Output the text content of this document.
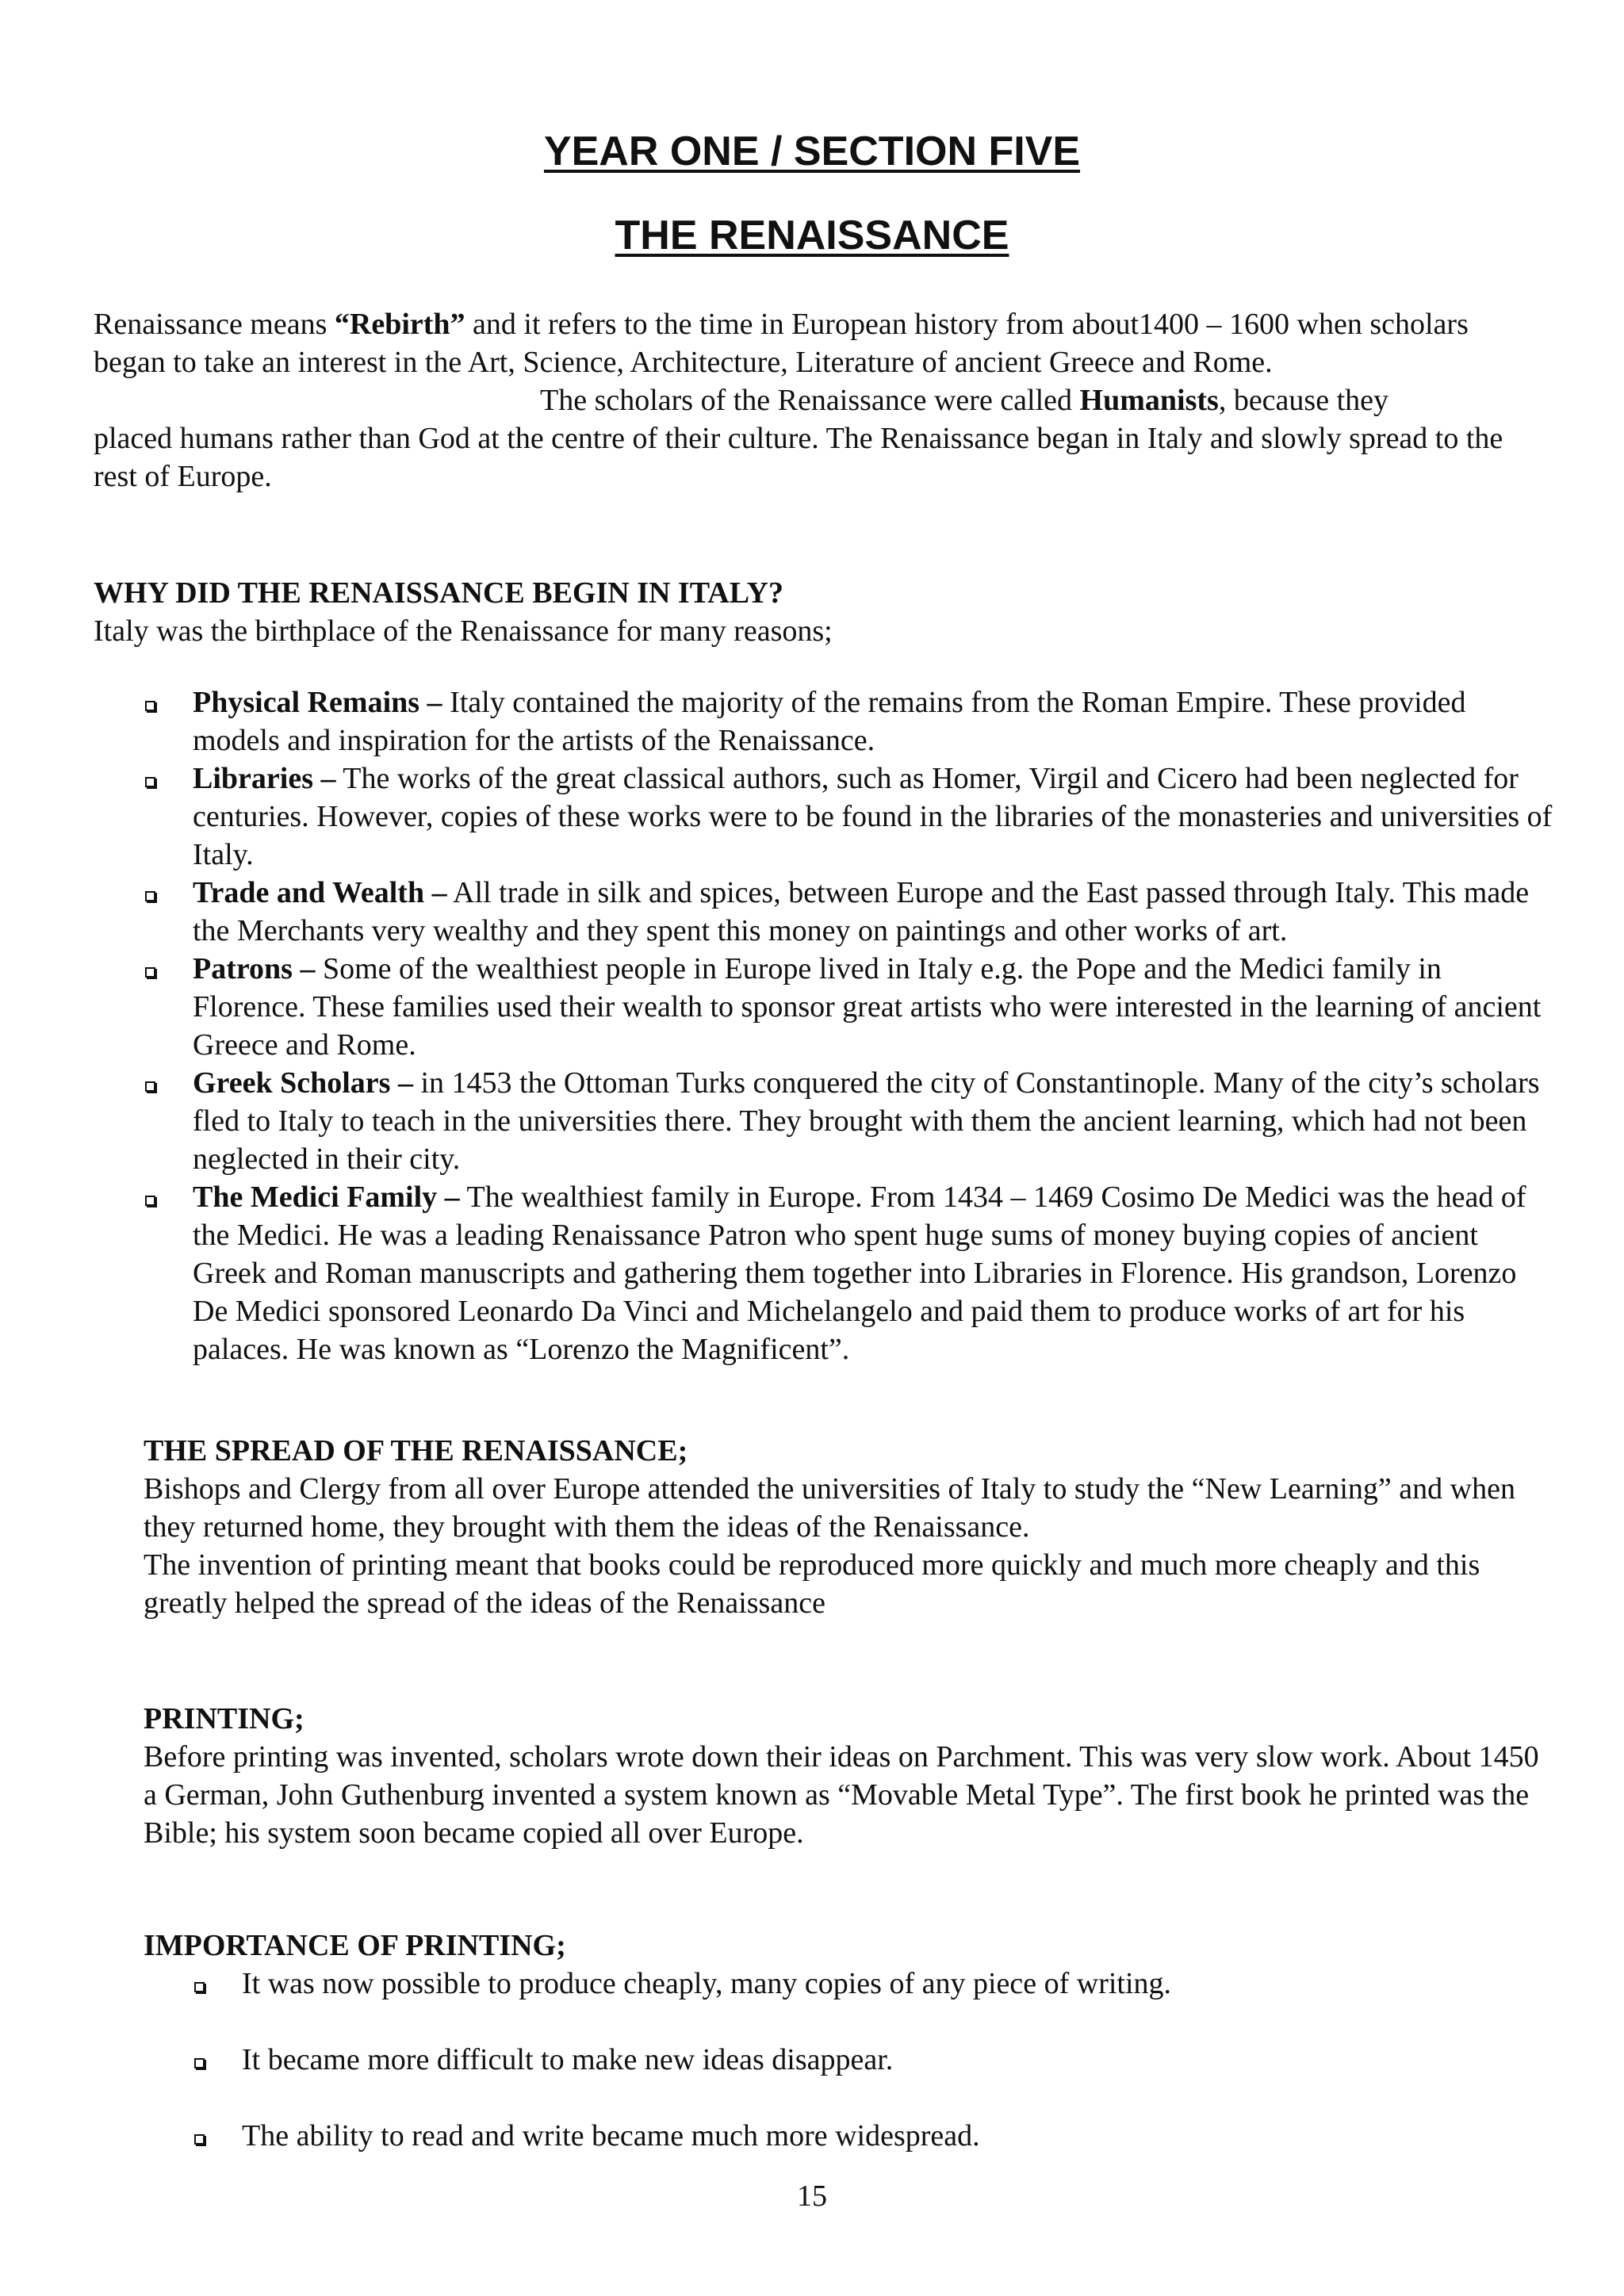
YEAR ONE / SECTION FIVE
THE RENAISSANCE

Renaissance means “Rebirth” and it refers to the time in European history from about1400 – 1600 when scholars began to take an interest in the Art, Science, Architecture, Literature of ancient Greece and Rome.
The scholars of the Renaissance were called Humanists, because they
placed humans rather than God at the centre of their culture. The Renaissance began in Italy and slowly spread to the rest of Europe.

WHY DID THE RENAISSANCE BEGIN IN ITALY?

Italy was the birthplace of the Renaissance for many reasons;

Physical Remains – Italy contained the majority of the remains from the Roman Empire. These provided models and inspiration for the artists of the Renaissance.
Libraries – The works of the great classical authors, such as Homer, Virgil and Cicero had been neglected for centuries. However, copies of these works were to be found in the libraries of the monasteries and universities of Italy.
Trade and Wealth – All trade in silk and spices, between Europe and the East passed through Italy. This made the Merchants very wealthy and they spent this money on paintings and other works of art.
Patrons – Some of the wealthiest people in Europe lived in Italy e.g. the Pope and the Medici family in Florence. These families used their wealth to sponsor great artists who were interested in the learning of ancient Greece and Rome.
Greek Scholars – in 1453 the Ottoman Turks conquered the city of Constantinople. Many of the city’s scholars fled to Italy to teach in the universities there. They brought with them the ancient learning, which had not been neglected in their city.
The Medici Family – The wealthiest family in Europe. From 1434 – 1469 Cosimo De Medici was the head of the Medici. He was a leading Renaissance Patron who spent huge sums of money buying copies of ancient Greek and Roman manuscripts and gathering them together into Libraries in Florence. His grandson, Lorenzo De Medici sponsored Leonardo Da Vinci and Michelangelo and paid them to produce works of art for his palaces. He was known as “Lorenzo the Magnificent”.
THE SPREAD OF THE RENAISSANCE;

Bishops and Clergy from all over Europe attended the universities of Italy to study the “New Learning” and when they returned home, they brought with them the ideas of the Renaissance.

The invention of printing meant that books could be reproduced more quickly and much more cheaply and this greatly helped the spread of the ideas of the Renaissance

PRINTING;

Before printing was invented, scholars wrote down their ideas on Parchment. This was very slow work. About 1450 a German, John Guthenburg invented a system known as “Movable Metal Type”. The first book he printed was the Bible; his system soon became copied all over Europe.

IMPORTANCE OF PRINTING;
It was now possible to produce cheaply, many copies of any piece of writing.
It became more difficult to make new ideas disappear.
The ability to read and write became much more widespread.

15
